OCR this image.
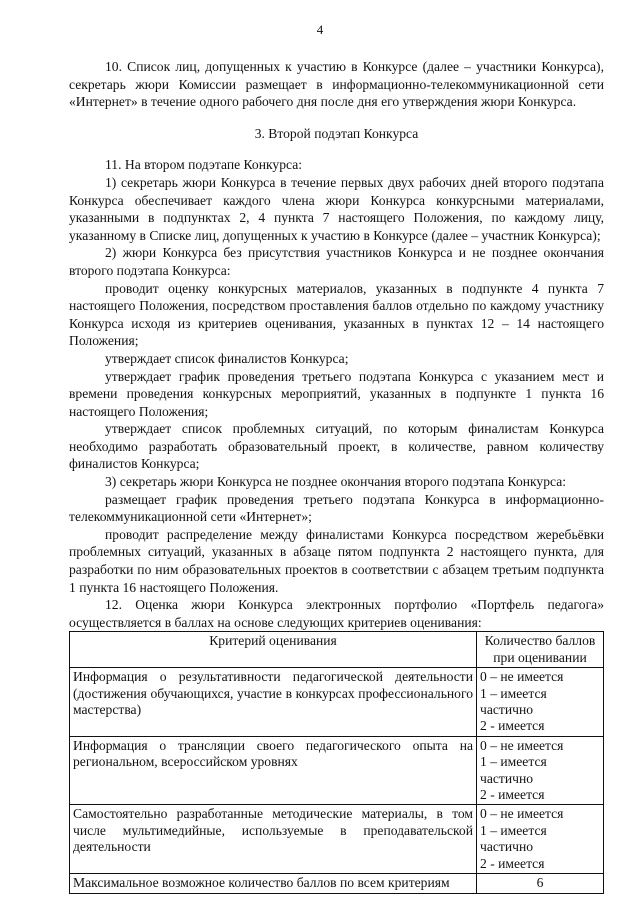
4

10. Список лиц, допущенных к участию в Конкурсе (далее – участники Конкурса), секретарь жюри Комиссии размещает в информационно-телекоммуникационной сети «Интернет» в течение одного рабочего дня после дня его утверждения жюри Конкурса.

3. Второй подэтап Конкурса

11. На втором подэтапе Конкурса:

1) секретарь жюри Конкурса в течение первых двух рабочих дней второго подэтапа Конкурса обеспечивает каждого члена жюри Конкурса конкурсными материалами, указанными в подпунктах 2, 4 пункта 7 настоящего Положения, по каждому лицу, указанному в Списке лиц, допущенных к участию в Конкурсе (далее – участник Конкурса);

2) жюри Конкурса без присутствия участников Конкурса и не позднее окончания второго подэтапа Конкурса:

проводит оценку конкурсных материалов, указанных в подпункте 4 пункта 7 настоящего Положения, посредством проставления баллов отдельно по каждому участнику Конкурса исходя из критериев оценивания, указанных в пунктах 12 – 14 настоящего Положения;

утверждает список финалистов Конкурса;

утверждает график проведения третьего подэтапа Конкурса с указанием мест и времени проведения конкурсных мероприятий, указанных в подпункте 1 пункта 16 настоящего Положения;

утверждает список проблемных ситуаций, по которым финалистам Конкурса необходимо разработать образовательный проект, в количестве, равном количеству финалистов Конкурса;

3) секретарь жюри Конкурса не позднее окончания второго подэтапа Конкурса:

размещает график проведения третьего подэтапа Конкурса в информационно-телекоммуникационной сети «Интернет»;

проводит распределение между финалистами Конкурса посредством жеребьёвки проблемных ситуаций, указанных в абзаце пятом подпункта 2 настоящего пункта, для разработки по ним образовательных проектов в соответствии с абзацем третьим подпункта 1 пункта 16 настоящего Положения.

12. Оценка жюри Конкурса электронных портфолио «Портфель педагога» осуществляется в баллах на основе следующих критериев оценивания:

Критерий оценивания	Количество баллов при оценивании
Информация о результативности педагогической деятельности (достижения обучающихся, участие в конкурсах профессионального мастерства)	0 – не имеется
1 – имеется частично
2 - имеется

Информация о трансляции своего педагогического опыта на региональном, всероссийском уровнях	0 – не имеется
1 – имеется частично
2 - имеется

Самостоятельно разработанные методические материалы, в том числе мультимедийные, используемые в преподавательской деятельности	0 – не имеется
1 – имеется частично
2 - имеется

Максимальное возможное количество баллов по всем критериям	6
